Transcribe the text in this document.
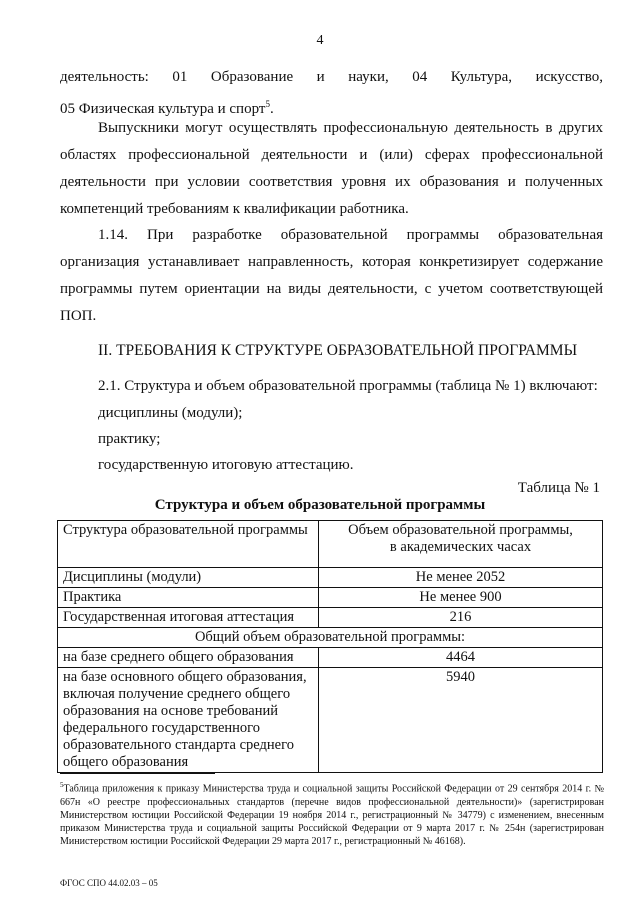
4
деятельность: 01 Образование и науки, 04 Культура, искусство,
05 Физическая культура и спорт$^5$.
Выпускники могут осуществлять профессиональную деятельность в других областях профессиональной деятельности и (или) сферах профессиональной деятельности при условии соответствия уровня их образования и полученных компетенций требованиям к квалификации работника.
1.14. При разработке образовательной программы образовательная организация устанавливает направленность, которая конкретизирует содержание программы путем ориентации на виды деятельности, с учетом соответствующей ПОП.
II. ТРЕБОВАНИЯ К СТРУКТУРЕ ОБРАЗОВАТЕЛЬНОЙ ПРОГРАММЫ
2.1. Структура и объем образовательной программы (таблица № 1) включают:
дисциплины (модули);
практику;
государственную итоговую аттестацию.
Таблица № 1
Структура и объем образовательной программы
Структура образовательной программы	Объем образовательной программы,
в академических часах

Дисциплины (модули)	Не менее 2052
Практика	Не менее 900
Государственная итоговая аттестация	216
Общий объем образовательной программы:	
на базе среднего общего образования	4464
на базе основного общего образования, включая получение среднего общего образования на основе требований федерального государственного образовательного стандарта среднего общего образования	5940
$^5$Таблица приложения к приказу Министерства труда и социальной защиты Российской Федерации от 29 сентября 2014 г. № 667н «О реестре профессиональных стандартов (перечне видов профессиональной деятельности)» (зарегистрирован Министерством юстиции Российской Федерации 19 ноября 2014 г., регистрационный № 34779) с изменением, внесенным приказом Министерства труда и социальной защиты Российской Федерации от 9 марта 2017 г. № 254н (зарегистрирован Министерством юстиции Российской Федерации 29 марта 2017 г., регистрационный № 46168).
ФГОС СПО 44.02.03 – 05
